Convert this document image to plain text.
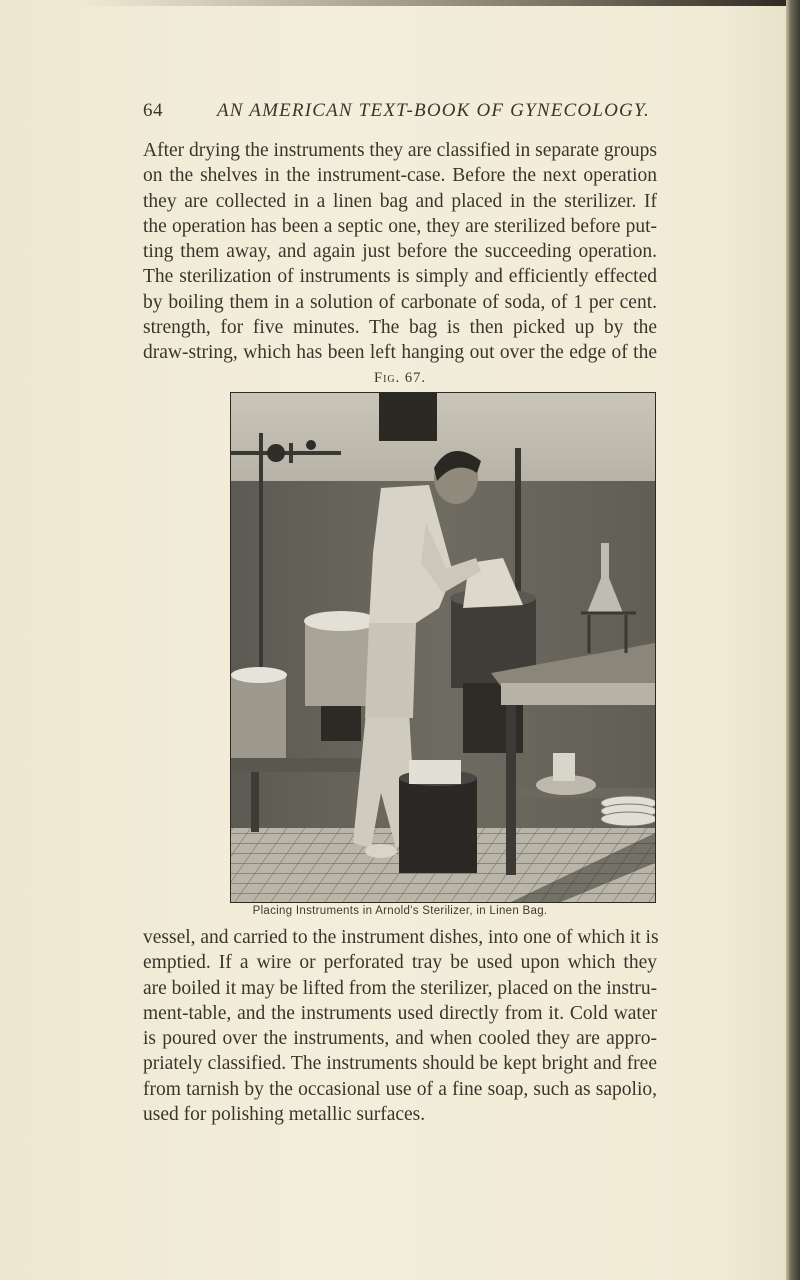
64	AN AMERICAN TEXT-BOOK OF GYNECOLOGY.
After drying the instruments they are classified in separate groups
on the shelves in the instrument-case. Before the next operation
they are collected in a linen bag and placed in the sterilizer. If
the operation has been a septic one, they are sterilized before put-
ting them away, and again just before the succeeding operation.
The sterilization of instruments is simply and efficiently effected
by boiling them in a solution of carbonate of soda, of 1 per cent.
strength, for five minutes. The bag is then picked up by the
draw-string, which has been left hanging out over the edge of the
Fig. 67.
Placing Instruments in Arnold's Sterilizer, in Linen Bag.
vessel, and carried to the instrument dishes, into one of which it is
emptied. If a wire or perforated tray be used upon which they
are boiled it may be lifted from the sterilizer, placed on the instru-
ment-table, and the instruments used directly from it. Cold water
is poured over the instruments, and when cooled they are appro-
priately classified. The instruments should be kept bright and free
from tarnish by the occasional use of a fine soap, such as sapolio,
used for polishing metallic surfaces.
